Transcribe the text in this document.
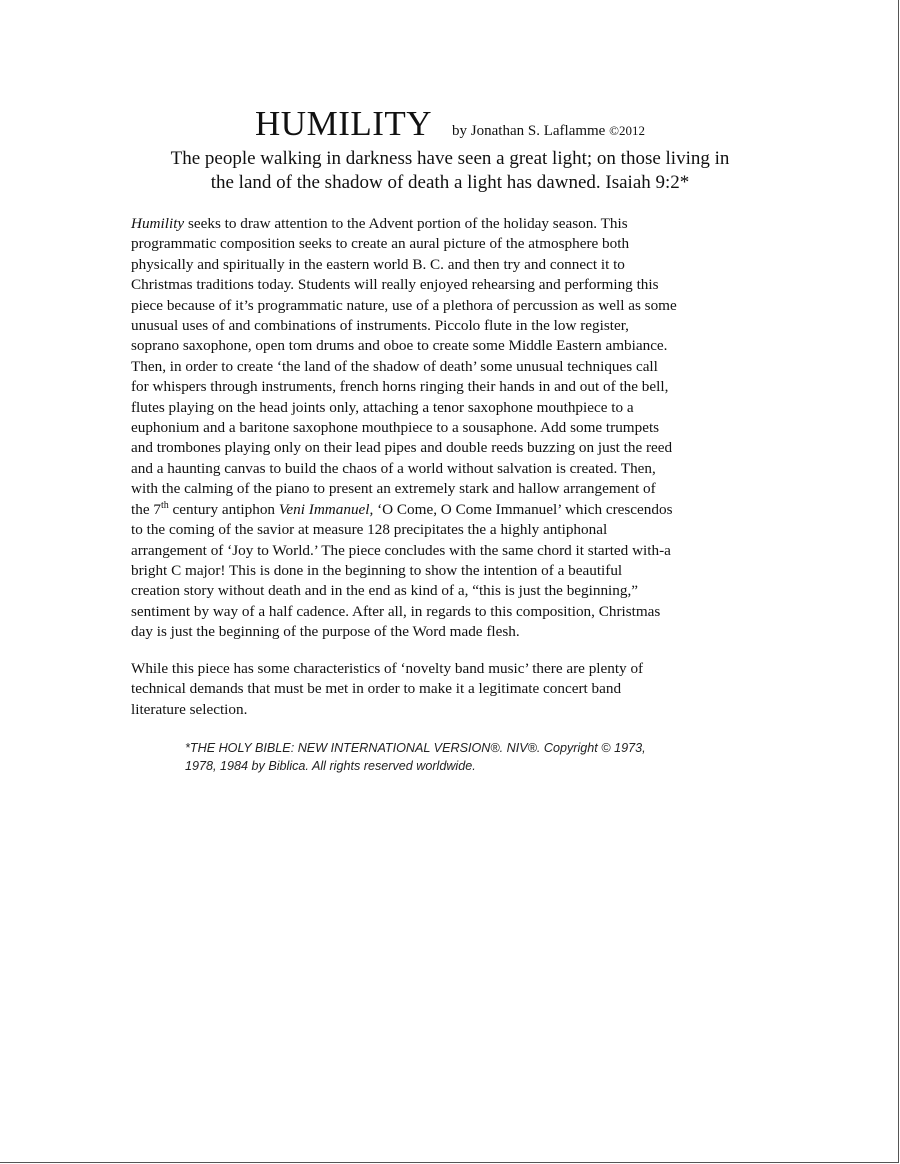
HUMILITY by Jonathan S. Laflamme ©2012
The people walking in darkness have seen a great light; on those living in
the land of the shadow of death a light has dawned. Isaiah 9:2*
Humility seeks to draw attention to the Advent portion of the holiday season. This
programmatic composition seeks to create an aural picture of the atmosphere both
physically and spiritually in the eastern world B. C. and then try and connect it to
Christmas traditions today. Students will really enjoyed rehearsing and performing this
piece because of it’s programmatic nature, use of a plethora of percussion as well as some
unusual uses of and combinations of instruments. Piccolo flute in the low register,
soprano saxophone, open tom drums and oboe to create some Middle Eastern ambiance.
Then, in order to create ‘the land of the shadow of death’ some unusual techniques call
for whispers through instruments, french horns ringing their hands in and out of the bell,
flutes playing on the head joints only, attaching a tenor saxophone mouthpiece to a
euphonium and a baritone saxophone mouthpiece to a sousaphone. Add some trumpets
and trombones playing only on their lead pipes and double reeds buzzing on just the reed
and a haunting canvas to build the chaos of a world without salvation is created. Then,
with the calming of the piano to present an extremely stark and hallow arrangement of
the 7th century antiphon Veni Immanuel, ‘O Come, O Come Immanuel’ which crescendos
to the coming of the savior at measure 128 precipitates the a highly antiphonal
arrangement of ‘Joy to World.’ The piece concludes with the same chord it started with-a
bright C major! This is done in the beginning to show the intention of a beautiful
creation story without death and in the end as kind of a, “this is just the beginning,”
sentiment by way of a half cadence. After all, in regards to this composition, Christmas
day is just the beginning of the purpose of the Word made flesh.
While this piece has some characteristics of ‘novelty band music’ there are plenty of
technical demands that must be met in order to make it a legitimate concert band
literature selection.
*THE HOLY BIBLE: NEW INTERNATIONAL VERSION®. NIV®. Copyright © 1973,
1978, 1984 by Biblica. All rights reserved worldwide.
